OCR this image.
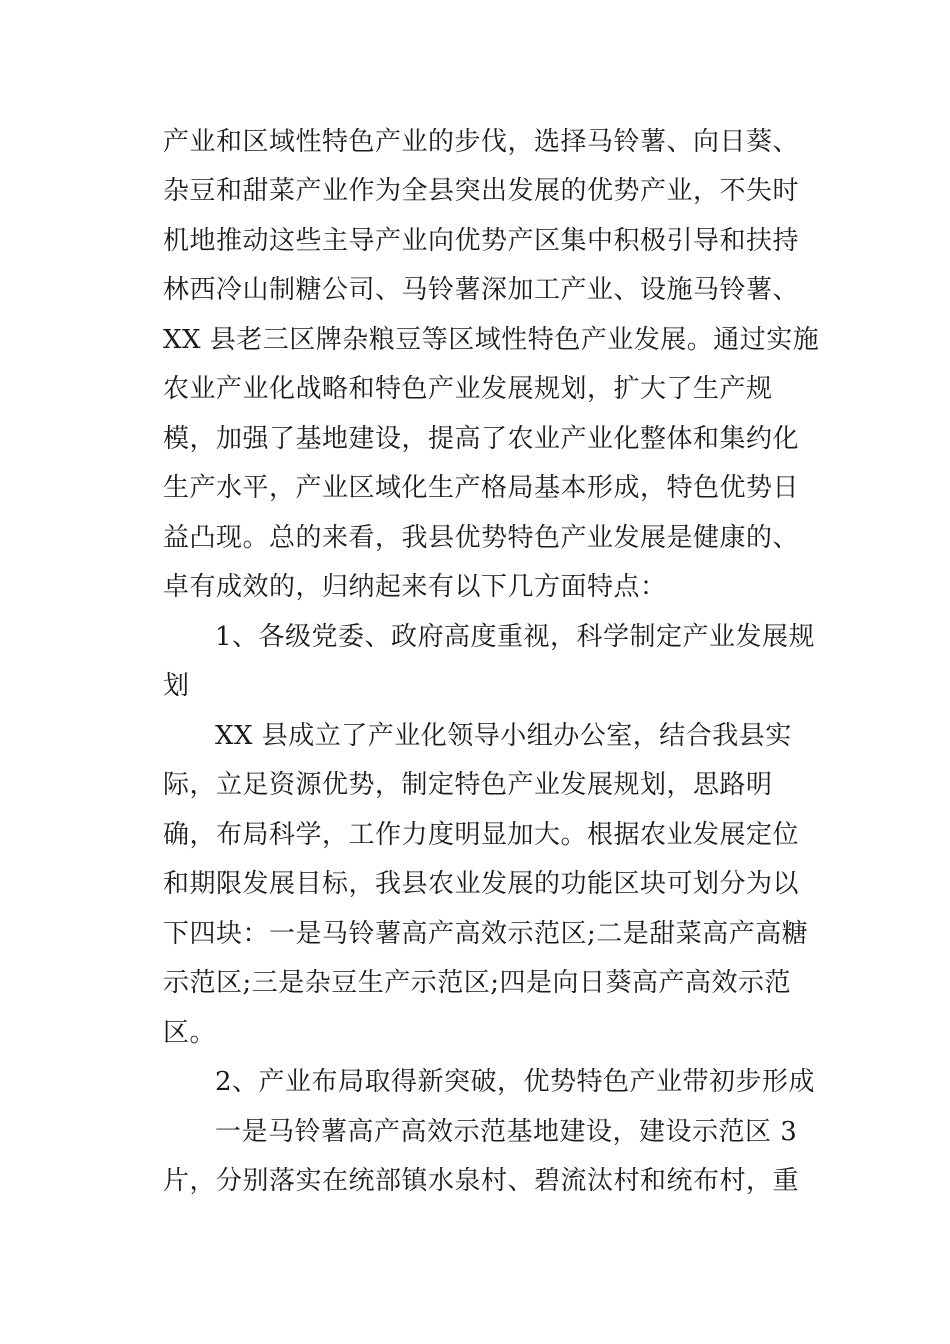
产业和区域性特色产业的步伐，选择马铃薯、向日葵、
杂豆和甜菜产业作为全县突出发展的优势产业，不失时
机地推动这些主导产业向优势产区集中积极引导和扶持
林西冷山制糖公司、马铃薯深加工产业、设施马铃薯、
XX 县老三区牌杂粮豆等区域性特色产业发展。通过实施
农业产业化战略和特色产业发展规划，扩大了生产规
模，加强了基地建设，提高了农业产业化整体和集约化
生产水平，产业区域化生产格局基本形成，特色优势日
益凸现。总的来看，我县优势特色产业发展是健康的、
卓有成效的，归纳起来有以下几方面特点：
1、各级党委、政府高度重视，科学制定产业发展规
划
XX 县成立了产业化领导小组办公室，结合我县实
际，立足资源优势，制定特色产业发展规划，思路明
确，布局科学，工作力度明显加大。根据农业发展定位
和期限发展目标，我县农业发展的功能区块可划分为以
下四块：一是马铃薯高产高效示范区;二是甜菜高产高糖
示范区;三是杂豆生产示范区;四是向日葵高产高效示范
区。
2、产业布局取得新突破，优势特色产业带初步形成
一是马铃薯高产高效示范基地建设，建设示范区 3
片，分别落实在统部镇水泉村、碧流汰村和统布村，重
